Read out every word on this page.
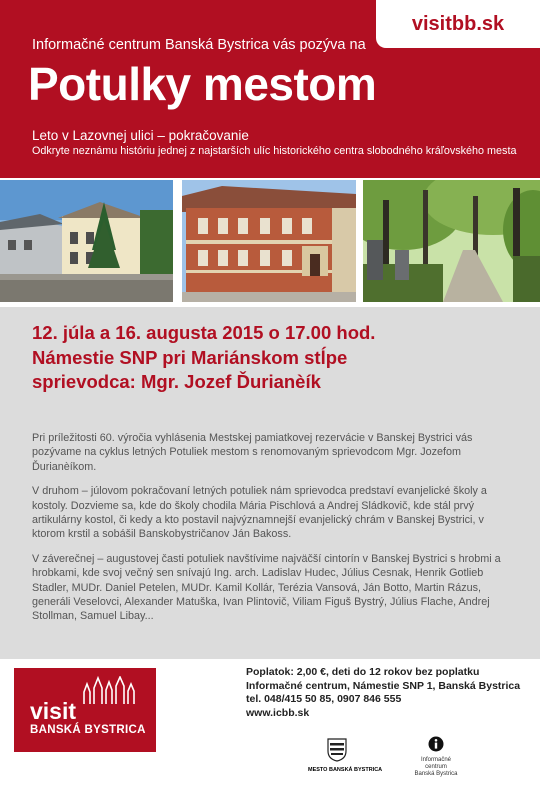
visitbb.sk
Informačné centrum Banská Bystrica vás pozýva na
Potulky mestom
Leto v Lazovnej ulici – pokračovanie
Odkryte neznámu históriu jednej z najstarších ulíc historického centra slobodného kráľovského mesta
12. júla a 16. augusta 2015 o 17.00 hod.
Námestie SNP pri Mariánskom stĺpe
sprievodca: Mgr. Jozef Ďurianèík

Pri príležitosti 60. výročia vyhlásenia Mestskej pamiatkovej rezervácie v Banskej Bystrici vás pozývame na cyklus letných Potuliek mestom s renomovaným sprievodcom Mgr. Jozefom Ďurianèíkom.

V druhom – júlovom pokračovaní letných potuliek nám sprievodca predstaví evanjelické školy a kostoly. Dozvieme sa, kde do školy chodila Mária Pischlová a Andrej Sládkovič, kde stál prvý artikulárny kostol, či kedy a kto postavil najvýznamnejší evanjelický chrám v Banskej Bystrici, v ktorom krstil a sobášil Banskobystričanov Ján Bakoss.

V záverečnej – augustovej časti potuliek navštívime najväčší cintorín v Banskej Bystrici s hrobmi a hrobkami, kde svoj večný sen snívajú Ing. arch. Ladislav Hudec, Július Cesnak, Henrik Gotlieb Stadler, MUDr. Daniel Petelen, MUDr. Kamil Kollár, Terézia Vansová, Ján Botto, Martin Rázus, generáli Veselovci, Alexander Matuška, Ivan Plintovič, Viliam Figuš Bystrý, Július Flache, Andrej Stollman, Samuel Libay...

visit
BANSKÁ BYSTRICA
Poplatok: 2,00 €, deti do 12 rokov bez poplatku
Informačné centrum, Námestie SNP 1, Banská Bystrica
tel. 048/415 50 85, 0907 846 555
www.icbb.sk
MESTO BANSKÁ BYSTRICA
Informačné centrum
Banská Bystrica
